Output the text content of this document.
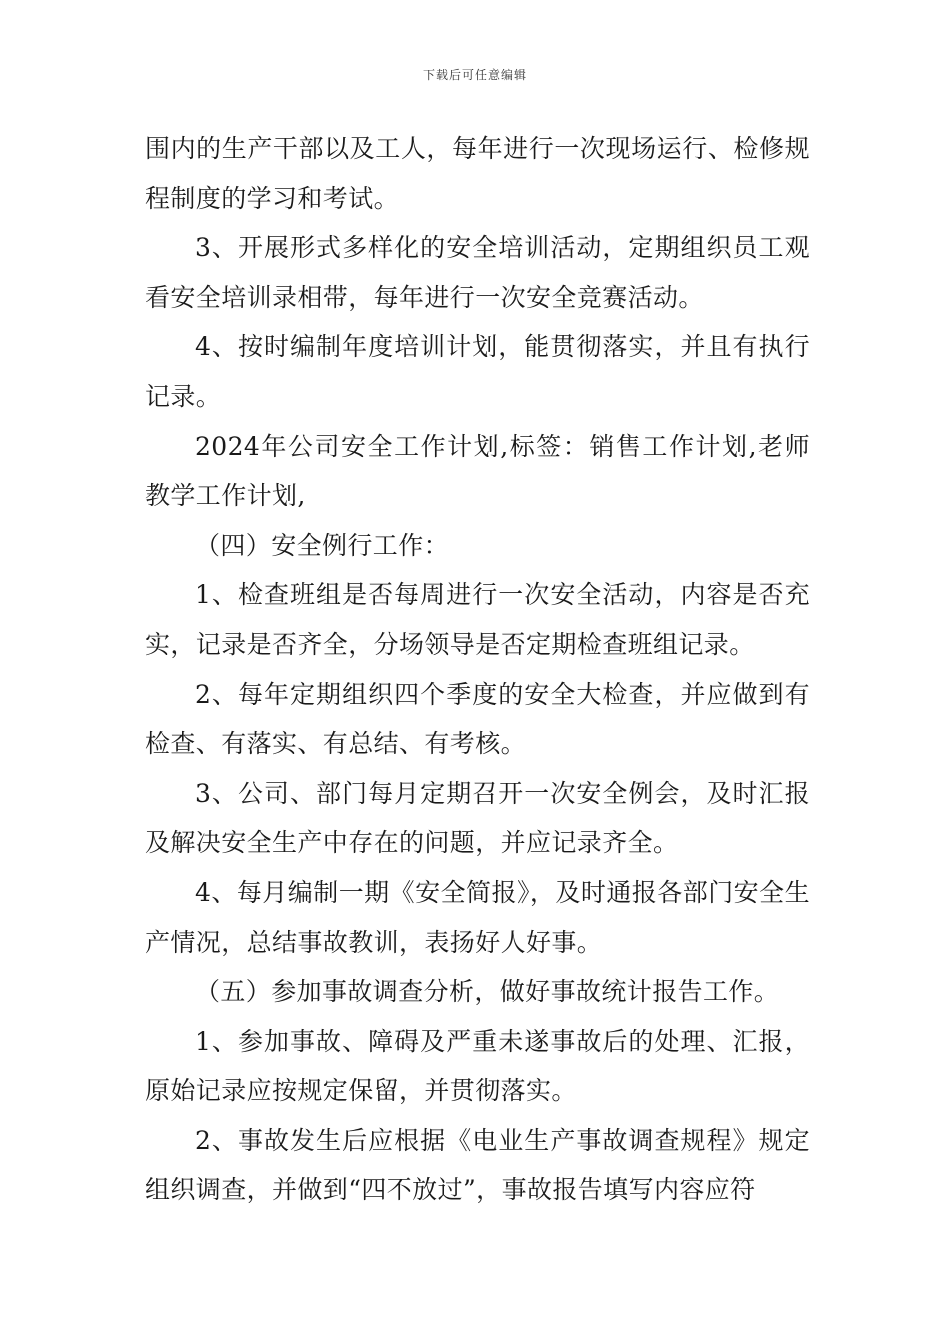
下载后可任意编辑

围内的生产干部以及工人，每年进行一次现场运行、检修规程制度的学习和考试。

3、开展形式多样化的安全培训活动，定期组织员工观看安全培训录相带，每年进行一次安全竞赛活动。

4、按时编制年度培训计划，能贯彻落实，并且有执行记录。

2024年公司安全工作计划,标签：销售工作计划,老师教学工作计划,

（四）安全例行工作：

1、检查班组是否每周进行一次安全活动，内容是否充实，记录是否齐全，分场领导是否定期检查班组记录。

2、每年定期组织四个季度的安全大检查，并应做到有检查、有落实、有总结、有考核。

3、公司、部门每月定期召开一次安全例会，及时汇报及解决安全生产中存在的问题，并应记录齐全。

4、每月编制一期《安全简报》，及时通报各部门安全生产情况，总结事故教训，表扬好人好事。

（五）参加事故调查分析，做好事故统计报告工作。

1、参加事故、障碍及严重未遂事故后的处理、汇报，原始记录应按规定保留，并贯彻落实。

2、事故发生后应根据《电业生产事故调查规程》规定组织调查，并做到“四不放过”，事故报告填写内容应符
